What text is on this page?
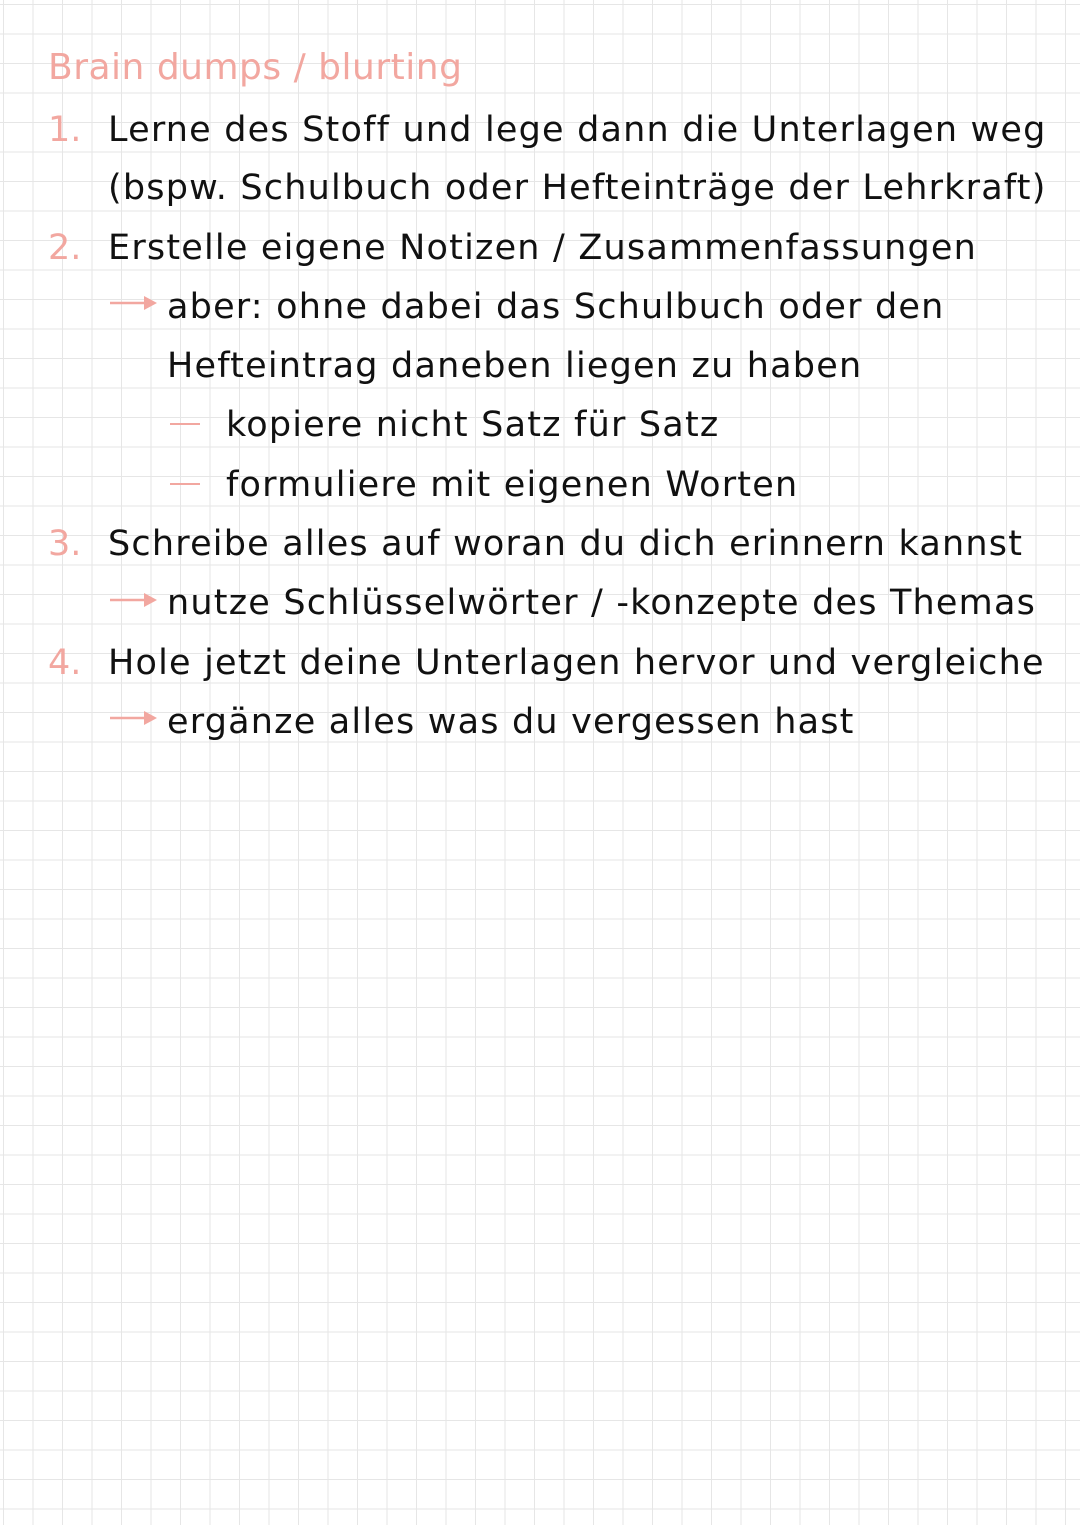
Brain dumps / blurting
1. Lerne des Stoff und lege dann die Unterlagen weg
(bspw. Schulbuch oder Hefteinträge der Lehrkraft)
2. Erstelle eigene Notizen / Zusammenfassungen
aber: ohne dabei das Schulbuch oder den
Hefteintrag daneben liegen zu haben
kopiere nicht Satz für Satz
formuliere mit eigenen Worten
3. Schreibe alles auf woran du dich erinnern kannst
nutze Schlüsselwörter / -konzepte des Themas
4. Hole jetzt deine Unterlagen hervor und vergleiche
ergänze alles was du vergessen hast
